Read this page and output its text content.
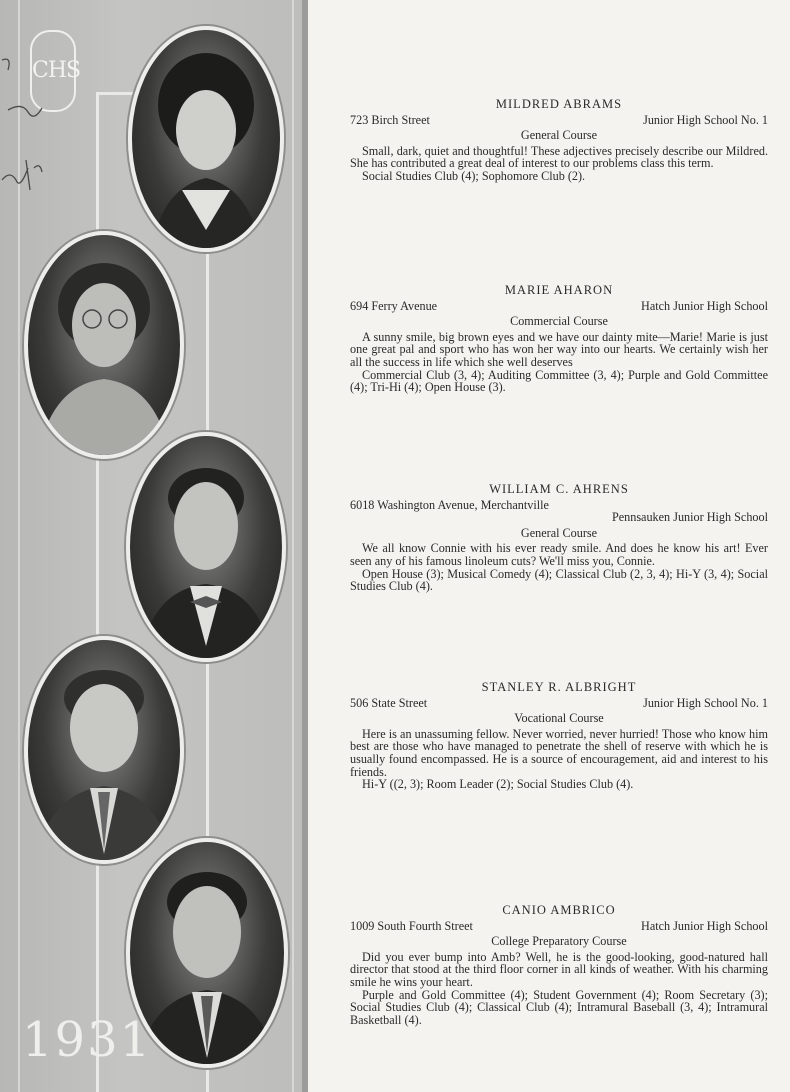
CHS
1931
MILDRED ABRAMS
723 Birch Street	Junior High School No. 1
General Course
Small, dark, quiet and thoughtful! These adjectives precisely describe our Mildred. She has contributed a great deal of interest to our problems class this term.
Social Studies Club (4); Sophomore Club (2).
MARIE AHARON
694 Ferry Avenue	Hatch Junior High School
Commercial Course
A sunny smile, big brown eyes and we have our dainty mite—Marie! Marie is just one great pal and sport who has won her way into our hearts. We certainly wish her all the success in life which she well deserves
Commercial Club (3, 4); Auditing Committee (3, 4); Purple and Gold Committee (4); Tri-Hi (4); Open House (3).
WILLIAM C. AHRENS
6018 Washington Avenue, Merchantville
Pennsauken Junior High School
General Course
We all know Connie with his ever ready smile. And does he know his art! Ever seen any of his famous linoleum cuts? We'll miss you, Connie.
Open House (3); Musical Comedy (4); Classical Club (2, 3, 4); Hi-Y (3, 4); Social Studies Club (4).
STANLEY R. ALBRIGHT
506 State Street	Junior High School No. 1
Vocational Course
Here is an unassuming fellow. Never worried, never hurried! Those who know him best are those who have managed to penetrate the shell of reserve with which he is usually found encompassed. He is a source of encouragement, aid and interest to his friends.
Hi-Y ((2, 3); Room Leader (2); Social Studies Club (4).
CANIO AMBRICO
1009 South Fourth Street	Hatch Junior High School
College Preparatory Course
Did you ever bump into Amb? Well, he is the good-looking, good-natured hall director that stood at the third floor corner in all kinds of weather. With his charming smile he wins your heart.
Purple and Gold Committee (4); Student Government (4); Room Secretary (3); Social Studies Club (4); Classical Club (4); Intramural Baseball (3, 4); Intramural Basketball (4).
